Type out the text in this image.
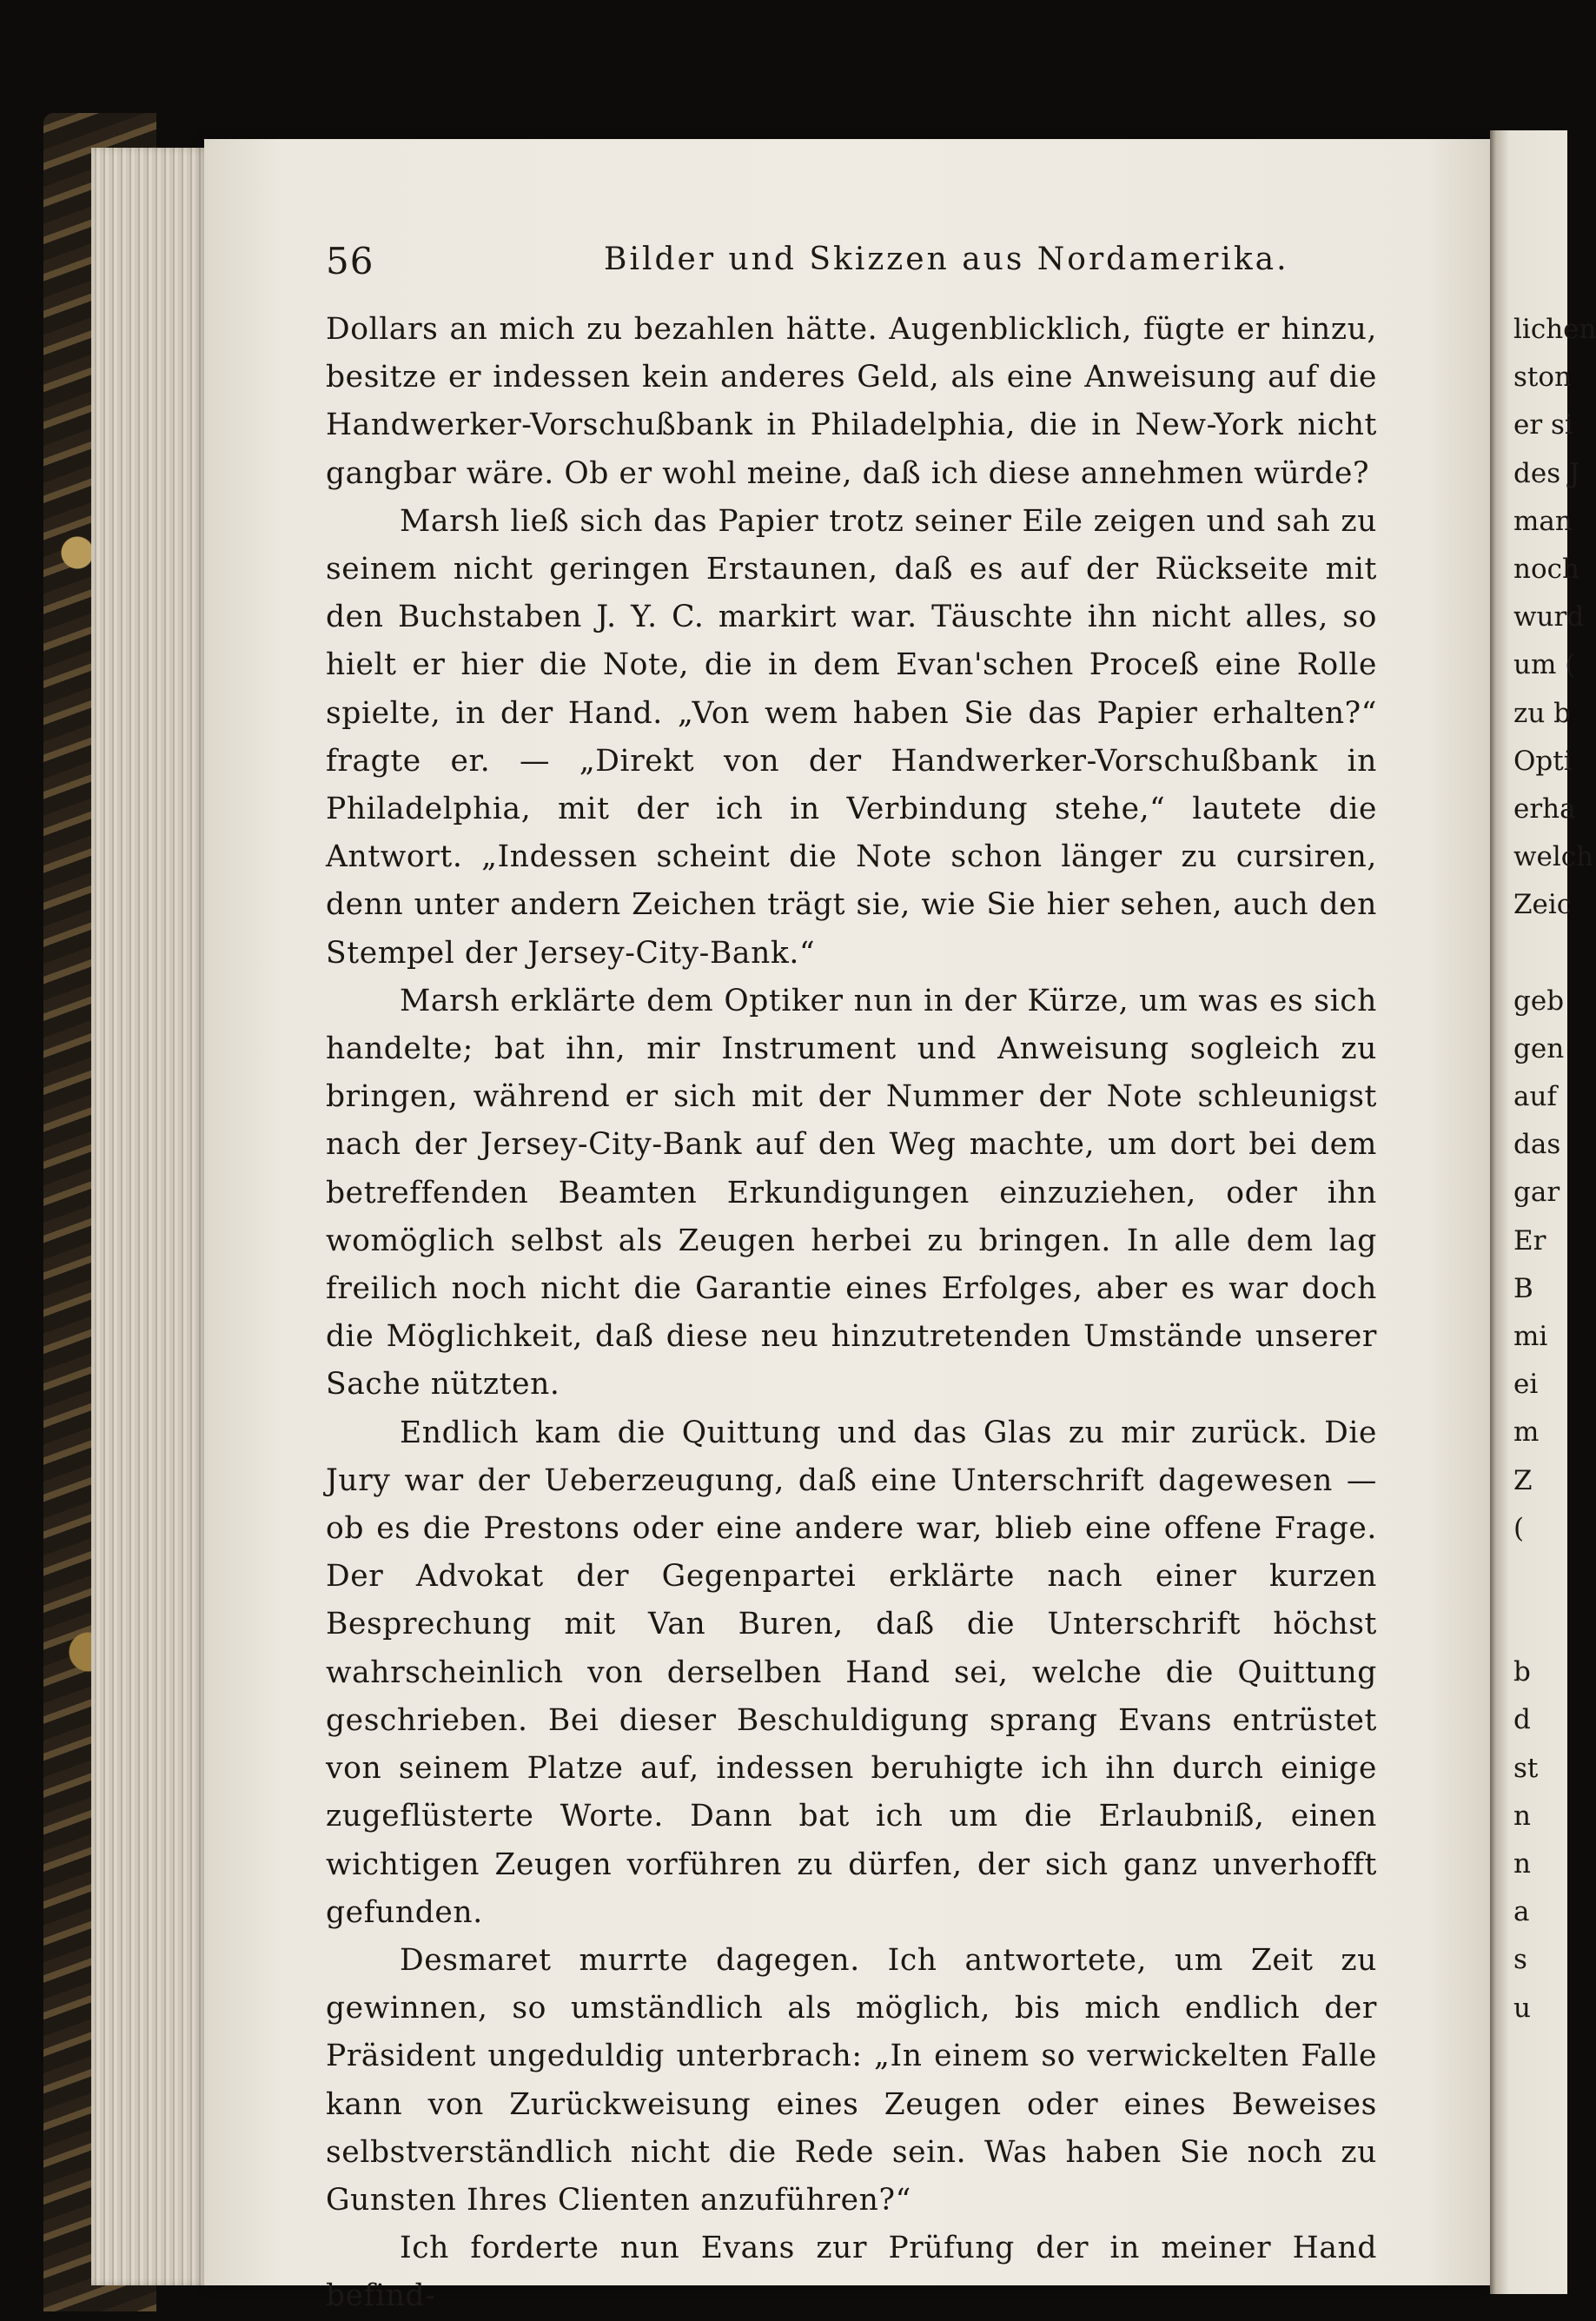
56	Bilder und Skizzen aus Nordamerika.

Dollars an mich zu bezahlen hätte. Augenblicklich, fügte er hinzu, besitze er indessen kein anderes Geld, als eine Anweisung auf die Handwerker-Vorschußbank in Philadelphia, die in New-York nicht gangbar wäre. Ob er wohl meine, daß ich diese annehmen würde?

Marsh ließ sich das Papier trotz seiner Eile zeigen und sah zu seinem nicht geringen Erstaunen, daß es auf der Rückseite mit den Buchstaben J. Y. C. markirt war. Täuschte ihn nicht alles, so hielt er hier die Note, die in dem Evan'schen Proceß eine Rolle spielte, in der Hand. „Von wem haben Sie das Papier erhalten?“ fragte er. — „Direkt von der Handwerker-Vorschußbank in Philadelphia, mit der ich in Verbindung stehe,“ lautete die Antwort. „Indessen scheint die Note schon länger zu cursiren, denn unter andern Zeichen trägt sie, wie Sie hier sehen, auch den Stempel der Jersey-City-Bank.“

Marsh erklärte dem Optiker nun in der Kürze, um was es sich handelte; bat ihn, mir Instrument und Anweisung sogleich zu bringen, während er sich mit der Nummer der Note schleunigst nach der Jersey-City-Bank auf den Weg machte, um dort bei dem betreffenden Beamten Erkundigungen einzuziehen, oder ihn womöglich selbst als Zeugen herbei zu bringen. In alle dem lag freilich noch nicht die Garantie eines Erfolges, aber es war doch die Möglichkeit, daß diese neu hinzutretenden Umstände unserer Sache nützten.

Endlich kam die Quittung und das Glas zu mir zurück. Die Jury war der Ueberzeugung, daß eine Unterschrift dagewesen — ob es die Prestons oder eine andere war, blieb eine offene Frage. Der Advokat der Gegenpartei erklärte nach einer kurzen Besprechung mit Van Buren, daß die Unterschrift höchst wahrscheinlich von derselben Hand sei, welche die Quittung geschrieben. Bei dieser Beschuldigung sprang Evans entrüstet von seinem Platze auf, indessen beruhigte ich ihn durch einige zugeflüsterte Worte. Dann bat ich um die Erlaubniß, einen wichtigen Zeugen vorführen zu dürfen, der sich ganz unverhofft gefunden.

Desmaret murrte dagegen. Ich antwortete, um Zeit zu gewinnen, so umständlich als möglich, bis mich endlich der Präsident ungeduldig unterbrach: „In einem so verwickelten Falle kann von Zurückweisung eines Zeugen oder eines Beweises selbstverständlich nicht die Rede sein. Was haben Sie noch zu Gunsten Ihres Clienten anzuführen?“

Ich forderte nun Evans zur Prüfung der in meiner Hand befind-

lichen
ston
er si
des J
man
noch
wurd
um (
zu b
Opti
erha
welch
Zeic
geb
gen
auf
das
gar
Er
B
mi
ei
m
Z
(
b
d
st
n
n
a
s
u
